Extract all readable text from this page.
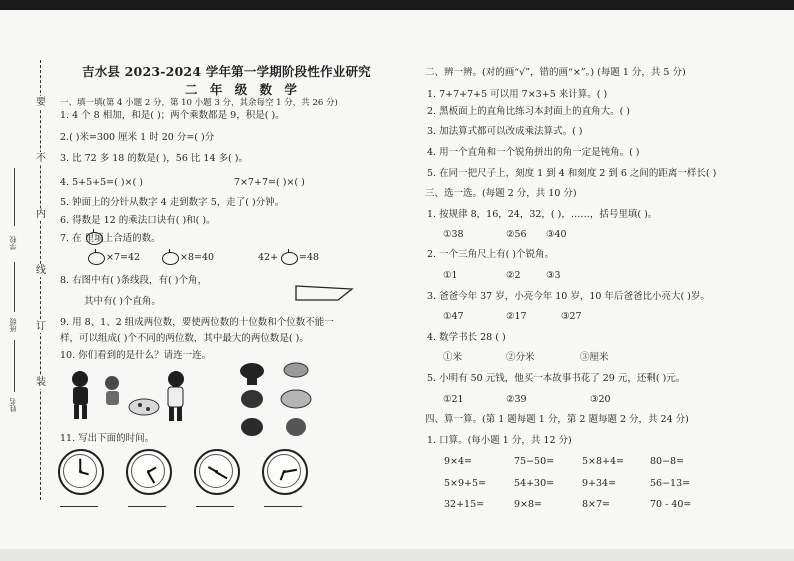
要
不
内
线
订
装
学校
班级
姓名
吉水县 2023-2024 学年第一学期阶段性作业研究
二 年 级 数 学
一、填一填(第 4 小题 2 分，第 10 小题 3 分，其余每空 1 分，共 26 分)
1. 4 个 8 相加，和是( )；两个乘数都是 9，积是( )。
2.( )米=300 厘米 1 时 20 分=( )分
3. 比 72 多 18 的数是( )，56 比 14 多( )。
4. 5+5+5=( )×( )	7×7+7=( )×( )
5. 钟面上的分针从数字 4 走到数字 5，走了( )分钟。
6. 得数是 12 的乘法口诀有( )和( )。
7. 在 里填上合适的数。
×7=42	×8=40	42+ =48
8. 右图中有( )条线段，有( )个角，
其中有( )个直角。
9. 用 8、1、2 组成两位数，要使两位数的十位数和个位数不能一
样，可以组成( )个不同的两位数，其中最大的两位数是( )。
10. 你们看到的是什么？请连一连。
11. 写出下面的时间。
二、辨一辨。(对的画“√”，错的画“×”。) (每题 1 分，共 5 分)
1. 7+7+7+5 可以用 7×3+5 来计算。( )
2. 黑板面上的直角比练习本封面上的直角大。( )
3. 加法算式都可以改成乘法算式。( )
4. 用一个直角和一个锐角拼出的角一定是钝角。( )
5. 在同一把尺子上，刻度 1 到 4 和刻度 2 到 6 之间的距离一样长( )
三、选一选。(每题 2 分，共 10 分)
1. 按规律 8，16，24，32，( )，……，括号里填( )。
①38	②56 ③40
2. 一个三角尺上有( )个锐角。
①1	②2	③3
3. 爸爸今年 37 岁，小亮今年 10 岁，10 年后爸爸比小亮大( )岁。
①47	②17	③27
4. 数学书长 28 ( )
①米	②分米	③厘米
5. 小明有 50 元钱，他买一本故事书花了 29 元，还剩( )元。
①21	②39	③20
四、算一算。(第 1 题每题 1 分，第 2 题每题 2 分，共 24 分)
1. 口算。(每小题 1 分，共 12 分)
9×4=	75−50=	5×8+4=	80−8=
5×9+5=	54+30=	9+34=	56−13=
32+15=	9×8=	8×7=	70 - 40=
